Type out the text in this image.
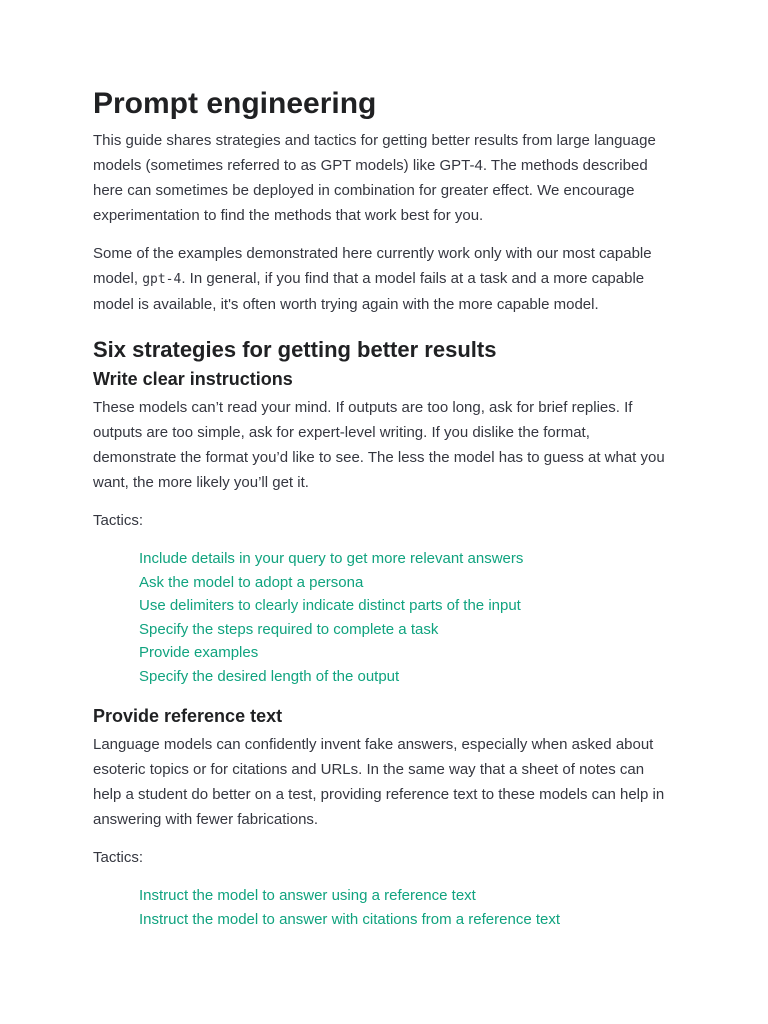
Prompt engineering

This guide shares strategies and tactics for getting better results from large language models (sometimes referred to as GPT models) like GPT-4. The methods described here can sometimes be deployed in combination for greater effect. We encourage experimentation to find the methods that work best for you.

Some of the examples demonstrated here currently work only with our most capable model, gpt-4. In general, if you find that a model fails at a task and a more capable model is available, it's often worth trying again with the more capable model.

Six strategies for getting better results
Write clear instructions

These models can’t read your mind. If outputs are too long, ask for brief replies. If outputs are too simple, ask for expert-level writing. If you dislike the format, demonstrate the format you’d like to see. The less the model has to guess at what you want, the more likely you’ll get it.

Tactics:

Include details in your query to get more relevant answers
Ask the model to adopt a persona
Use delimiters to clearly indicate distinct parts of the input
Specify the steps required to complete a task
Provide examples
Specify the desired length of the output
Provide reference text

Language models can confidently invent fake answers, especially when asked about esoteric topics or for citations and URLs. In the same way that a sheet of notes can help a student do better on a test, providing reference text to these models can help in answering with fewer fabrications.

Tactics:

Instruct the model to answer using a reference text
Instruct the model to answer with citations from a reference text
